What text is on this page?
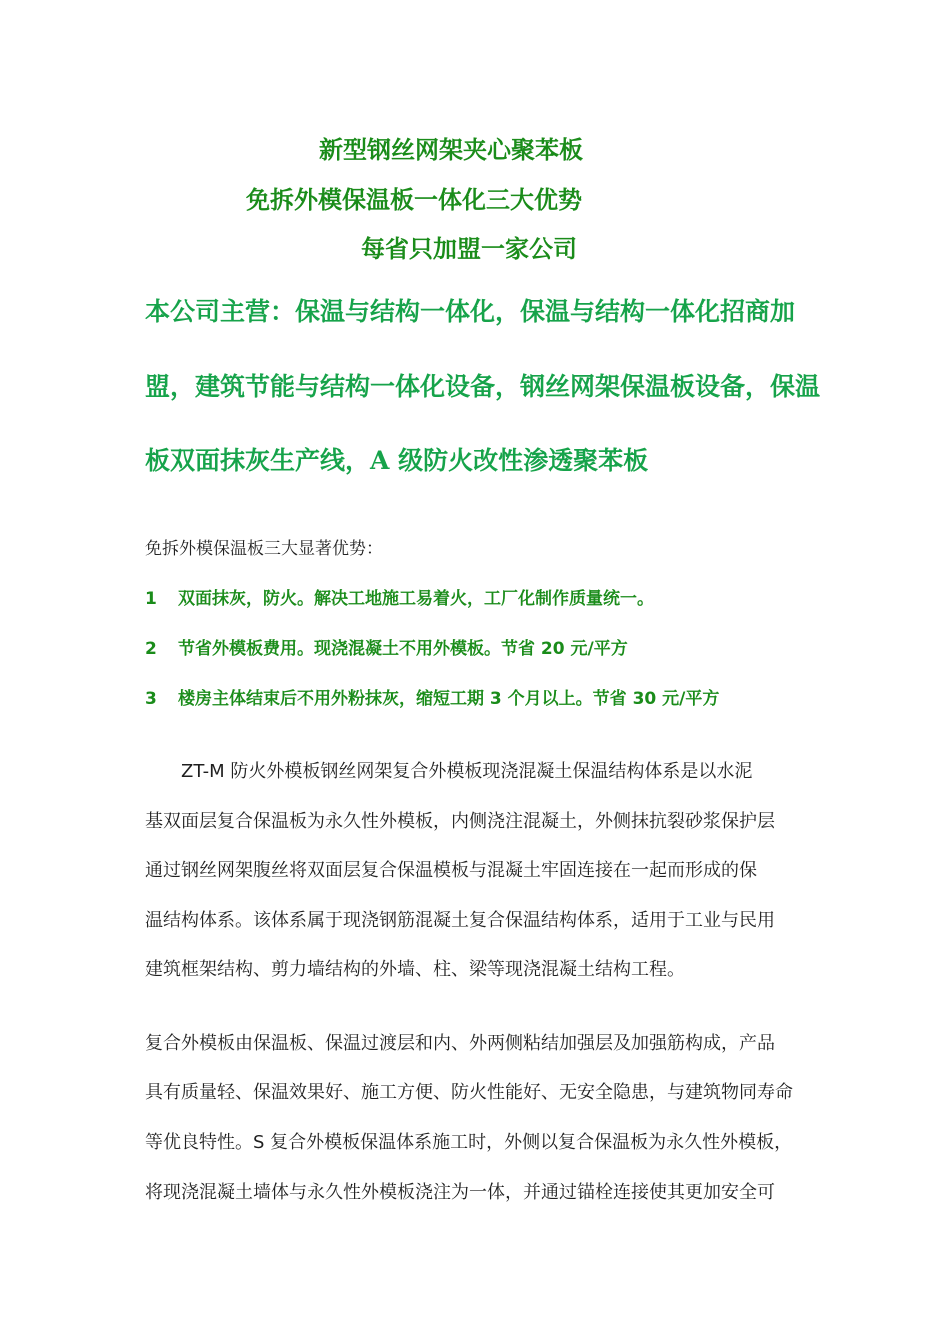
新型钢丝网架夹心聚苯板
免拆外模保温板一体化三大优势
每省只加盟一家公司
本公司主营：保温与结构一体化，保温与结构一体化招商加
盟，建筑节能与结构一体化设备，钢丝网架保温板设备，保温
板双面抹灰生产线，A 级防火改性渗透聚苯板
免拆外模保温板三大显著优势：
1 双面抹灰，防火。解决工地施工易着火，工厂化制作质量统一。
2 节省外模板费用。现浇混凝土不用外模板。节省 20 元/平方
3 楼房主体结束后不用外粉抹灰，缩短工期 3 个月以上。节省 30 元/平方
ZT-M 防火外模板钢丝网架复合外模板现浇混凝土保温结构体系是以水泥
基双面层复合保温板为永久性外模板，内侧浇注混凝土，外侧抹抗裂砂浆保护层
通过钢丝网架腹丝将双面层复合保温模板与混凝土牢固连接在一起而形成的保
温结构体系。该体系属于现浇钢筋混凝土复合保温结构体系，适用于工业与民用
建筑框架结构、剪力墙结构的外墙、柱、梁等现浇混凝土结构工程。
复合外模板由保温板、保温过渡层和内、外两侧粘结加强层及加强筋构成，产品
具有质量轻、保温效果好、施工方便、防火性能好、无安全隐患，与建筑物同寿命
等优良特性。S 复合外模板保温体系施工时，外侧以复合保温板为永久性外模板，
将现浇混凝土墙体与永久性外模板浇注为一体，并通过锚栓连接使其更加安全可
